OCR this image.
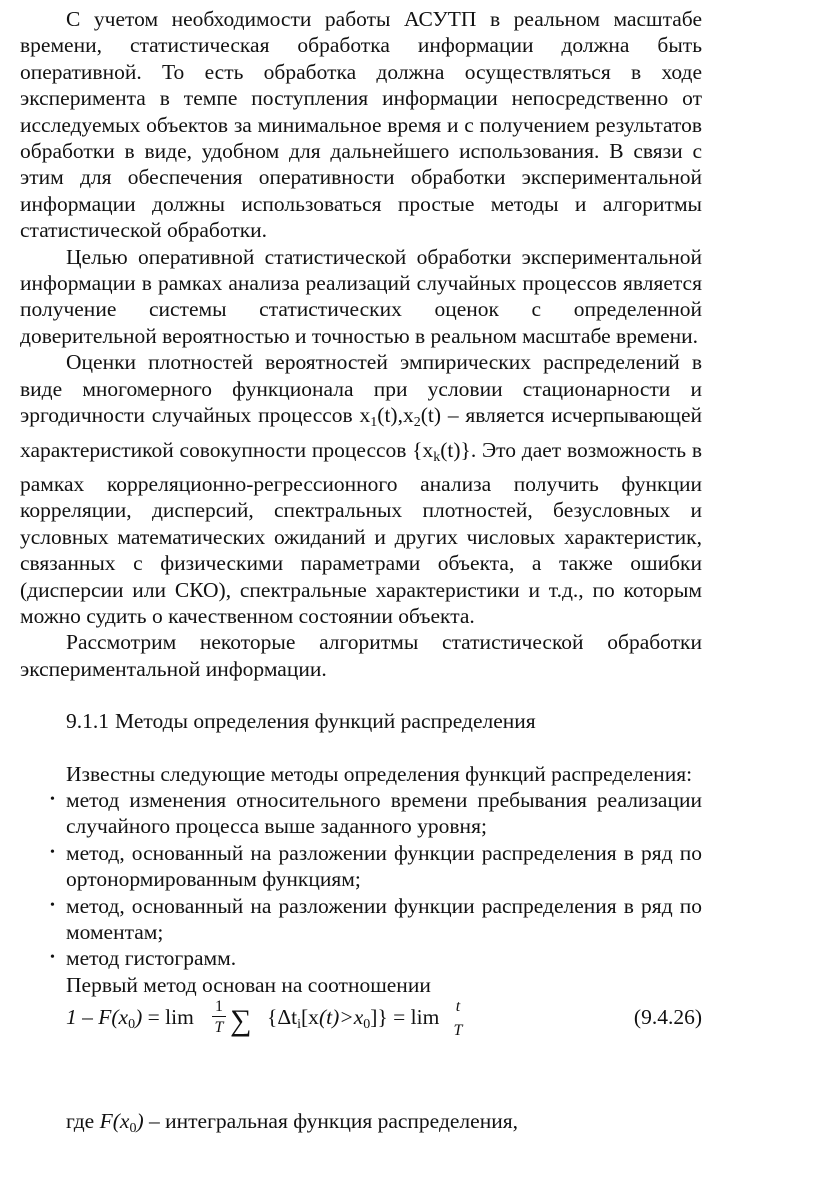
С учетом необходимости работы АСУТП в реальном масштабе времени, статистическая обработка информации должна быть оперативной. То есть обработка должна осуществляться в ходе эксперимента в темпе поступления информации непосредственно от исследуемых объектов за минимальное время и с получением результатов обработки в виде, удобном для дальнейшего использования. В связи с этим для обеспечения оперативности обработки экспериментальной информации должны использоваться простые методы и алгоритмы статистической обработки.

Целью оперативной статистической обработки экспериментальной информации в рамках анализа реализаций случайных процессов является получение системы статистических оценок с определенной доверительной вероятностью и точностью в реальном масштабе времени.

Оценки плотностей вероятностей эмпирических распределений в виде многомерного функционала при условии стационарности и эргодичности случайных процессов $x_1(t),x_2(t)$ – является исчерпывающей характеристикой совокупности процессов $\{x_k(t)\}$. Это дает возможность в рамках корреляционно-регрессионного анализа получить функции корреляции, дисперсий, спектральных плотностей, безусловных и условных математических ожиданий и других числовых характеристик, связанных с физическими параметрами объекта, а также ошибки (дисперсии или СКО), спектральные характеристики и т.д., по которым можно судить о качественном состоянии объекта.

Рассмотрим некоторые алгоритмы статистической обработки экспериментальной информации.

9.1.1 Методы определения функций распределения

Известны следующие методы определения функций распределения:

• метод изменения относительного времени пребывания реализации случайного процесса выше заданного уровня;
• метод, основанный на разложении функции распределения в ряд по ортонормированным функциям;
• метод, основанный на разложении функции распределения в ряд по моментам;
• метод гистограмм.

Первый метод основан на соотношении

$1 - F(x_0) = \lim \frac{1}{T}$ ∑ $\{\Delta t_i[x(t)>x_0]\} = \lim t$
T
(9.4.26)

где $F(x_0)$ – интегральная функция распределения,
